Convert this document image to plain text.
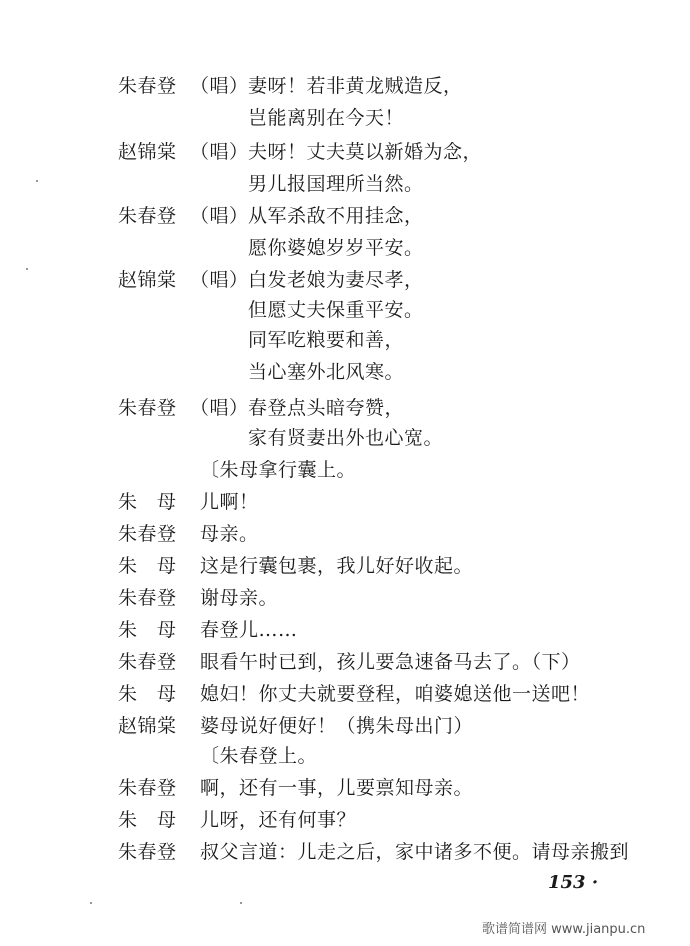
朱春登 （唱） 妻呀！若非黄龙贼造反，
岂能离别在今天！
赵锦棠 （唱） 夫呀！丈夫莫以新婚为念，
男儿报国理所当然。
朱春登 （唱） 从军杀敌不用挂念，
愿你婆媳岁岁平安。
赵锦棠 （唱） 白发老娘为妻尽孝，
但愿丈夫保重平安。
同军吃粮要和善，
当心塞外北风寒。
朱春登 （唱） 春登点头暗夸赞，
家有贤妻出外也心宽。
〔朱母拿行囊上。
朱　母	儿啊！
朱春登	母亲。
朱　母	这是行囊包裹，我儿好好收起。
朱春登	谢母亲。
朱　母	春登儿……
朱春登	眼看午时已到，孩儿要急速备马去了。（下）
朱　母	媳妇！你丈夫就要登程，咱婆媳送他一送吧！
赵锦棠	婆母说好便好！（携朱母出门）
〔朱春登上。
朱春登	啊，还有一事，儿要禀知母亲。
朱　母	儿呀，还有何事？
朱春登	叔父言道：儿走之后，家中诸多不便。请母亲搬到
153 ·
歌谱简谱网 www.jianpu.cn
